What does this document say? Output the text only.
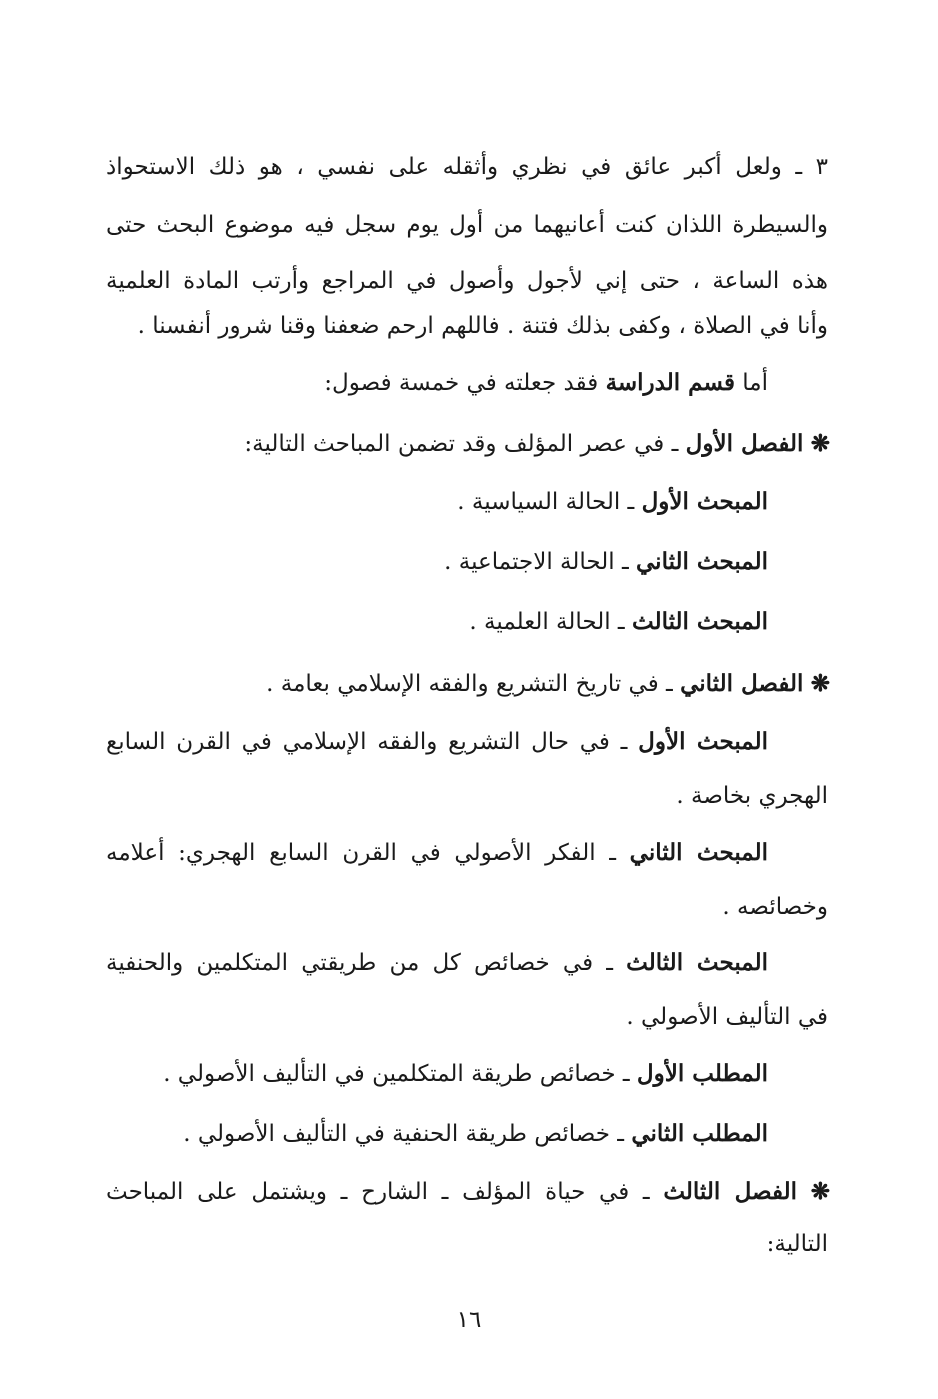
٣ ـ ولعل أكبر عائق في نظري وأثقله على نفسي ، هو ذلك الاستحواذ
والسيطرة اللذان كنت أعانيهما من أول يوم سجل فيه موضوع البحث حتى
هذه الساعة ، حتى إني لأجول وأصول في المراجع وأرتب المادة العلمية
وأنا في الصلاة ، وكفى بذلك فتنة . فاللهم ارحم ضعفنا وقنا شرور أنفسنا .
أما قسم الدراسة فقد جعلته في خمسة فصول:
❋ الفصل الأول ـ في عصر المؤلف وقد تضمن المباحث التالية:
المبحث الأول ـ الحالة السياسية .
المبحث الثاني ـ الحالة الاجتماعية .
المبحث الثالث ـ الحالة العلمية .
❋ الفصل الثاني ـ في تاريخ التشريع والفقه الإسلامي بعامة .
المبحث الأول ـ في حال التشريع والفقه الإسلامي في القرن السابع
الهجري بخاصة .
المبحث الثاني ـ الفكر الأصولي في القرن السابع الهجري: أعلامه
وخصائصه .
المبحث الثالث ـ في خصائص كل من طريقتي المتكلمين والحنفية
في التأليف الأصولي .
المطلب الأول ـ خصائص طريقة المتكلمين في التأليف الأصولي .
المطلب الثاني ـ خصائص طريقة الحنفية في التأليف الأصولي .
❋ الفصل الثالث ـ في حياة المؤلف ـ الشارح ـ ويشتمل على المباحث
التالية:
١٦
